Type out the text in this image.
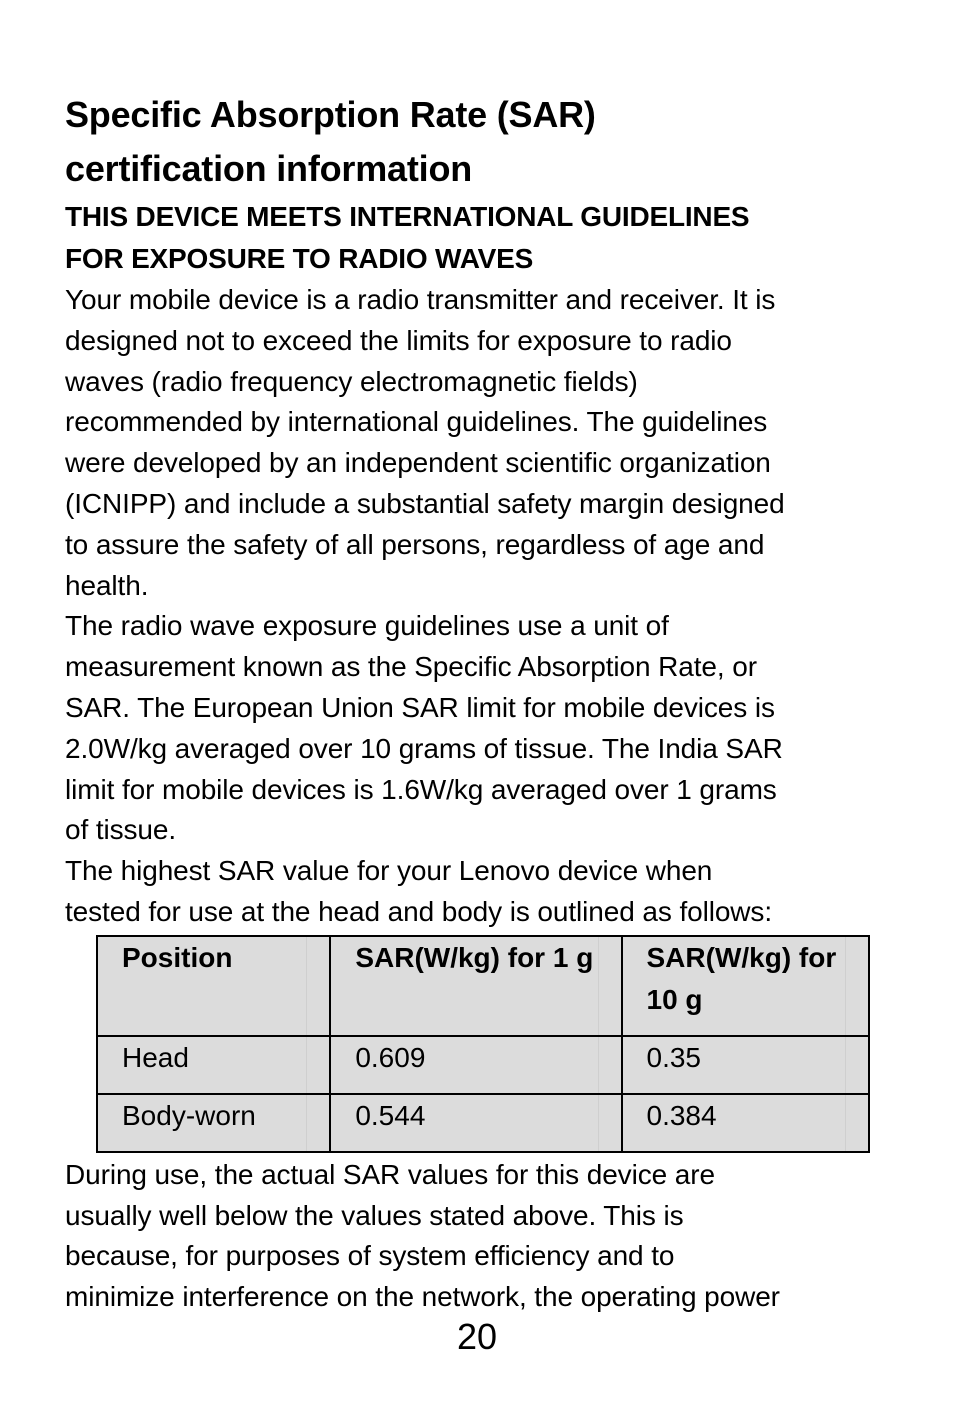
Specific Absorption Rate (SAR)
certification information
THIS DEVICE MEETS INTERNATIONAL GUIDELINES
FOR EXPOSURE TO RADIO WAVES

Your mobile device is a radio transmitter and receiver. It is
designed not to exceed the limits for exposure to radio
waves (radio frequency electromagnetic fields)
recommended by international guidelines. The guidelines
were developed by an independent scientific organization
(ICNIPP) and include a substantial safety margin designed
to assure the safety of all persons, regardless of age and
health.

The radio wave exposure guidelines use a unit of
measurement known as the Specific Absorption Rate, or
SAR. The European Union SAR limit for mobile devices is
2.0W/kg averaged over 10 grams of tissue. The India SAR
limit for mobile devices is 1.6W/kg averaged over 1 grams
of tissue.

The highest SAR value for your Lenovo device when
tested for use at the head and body is outlined as follows:

Position	SAR(W/kg) for 1 g	SAR(W/kg) for 10 g
Head	0.609	0.35
Body-worn	0.544	0.384

During use, the actual SAR values for this device are
usually well below the values stated above. This is
because, for purposes of system efficiency and to
minimize interference on the network, the operating power

20
